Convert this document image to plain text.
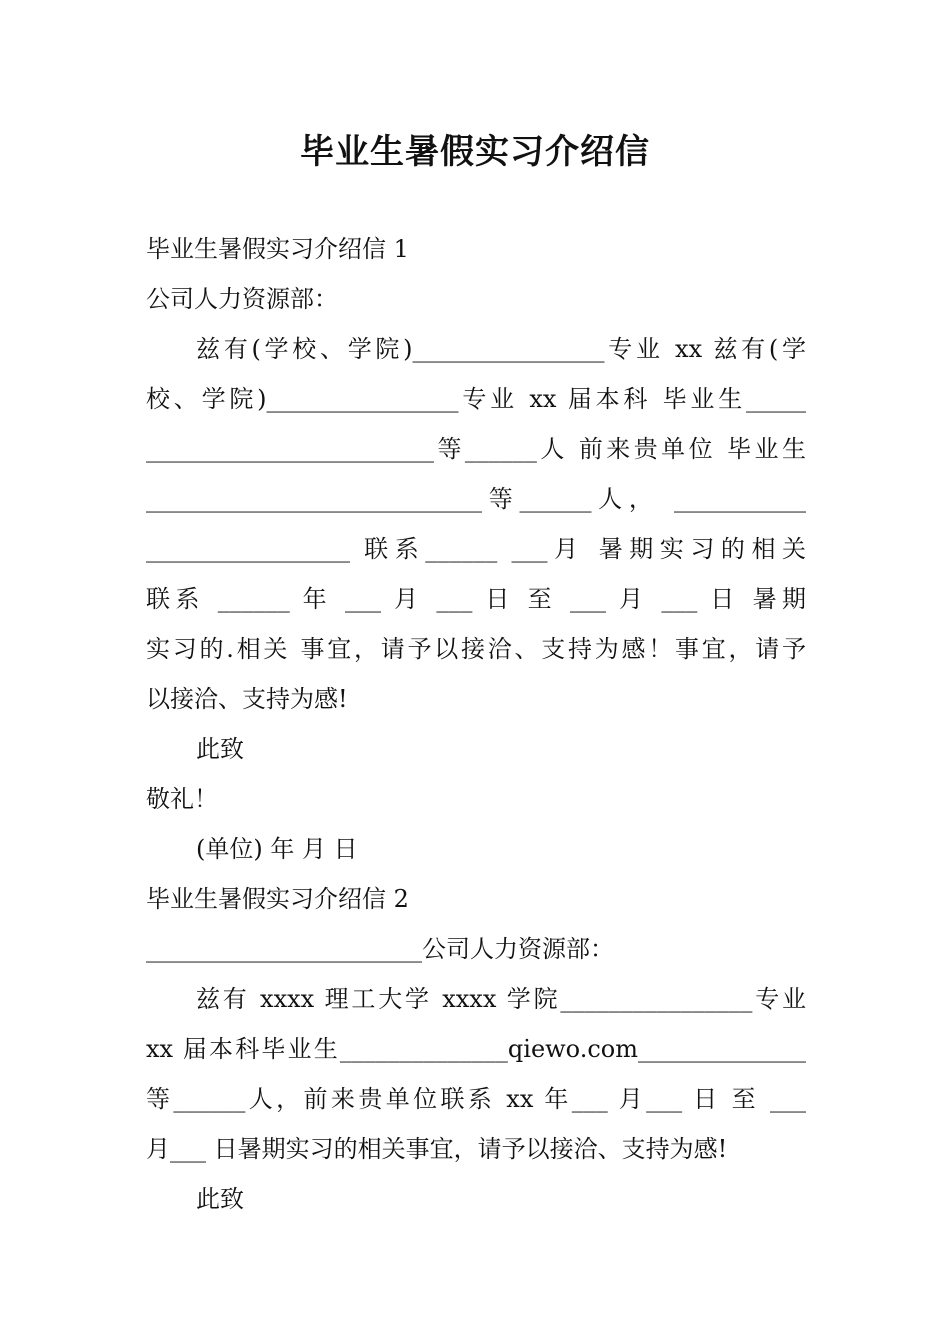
毕业生暑假实习介绍信
毕业生暑假实习介绍信 1
公司人力资源部：
兹有(学校、学院)________________专业 xx 兹有(学
校、学院)________________专业 xx 届本科 毕业生_____
________________________等______人 前来贵单位 毕业生
____________________________等______人， ___________
_________________ 联系______ ___月 暑期实习的相关
联系 ______ 年 ___ 月 ___ 日 至 ___ 月 ___ 日 暑期
实习的.相关 事宜，请予以接洽、支持为感！事宜，请予
以接洽、支持为感!
此致
敬礼！
(单位) 年 月 日
毕业生暑假实习介绍信 2
_______________________公司人力资源部：
兹有 xxxx 理工大学 xxxx 学院________________专业
xx 届本科毕业生______________qiewo.com______________
等______人，前来贵单位联系 xx 年___ 月___ 日 至 ___
月___ 日暑期实习的相关事宜，请予以接洽、支持为感!
此致
